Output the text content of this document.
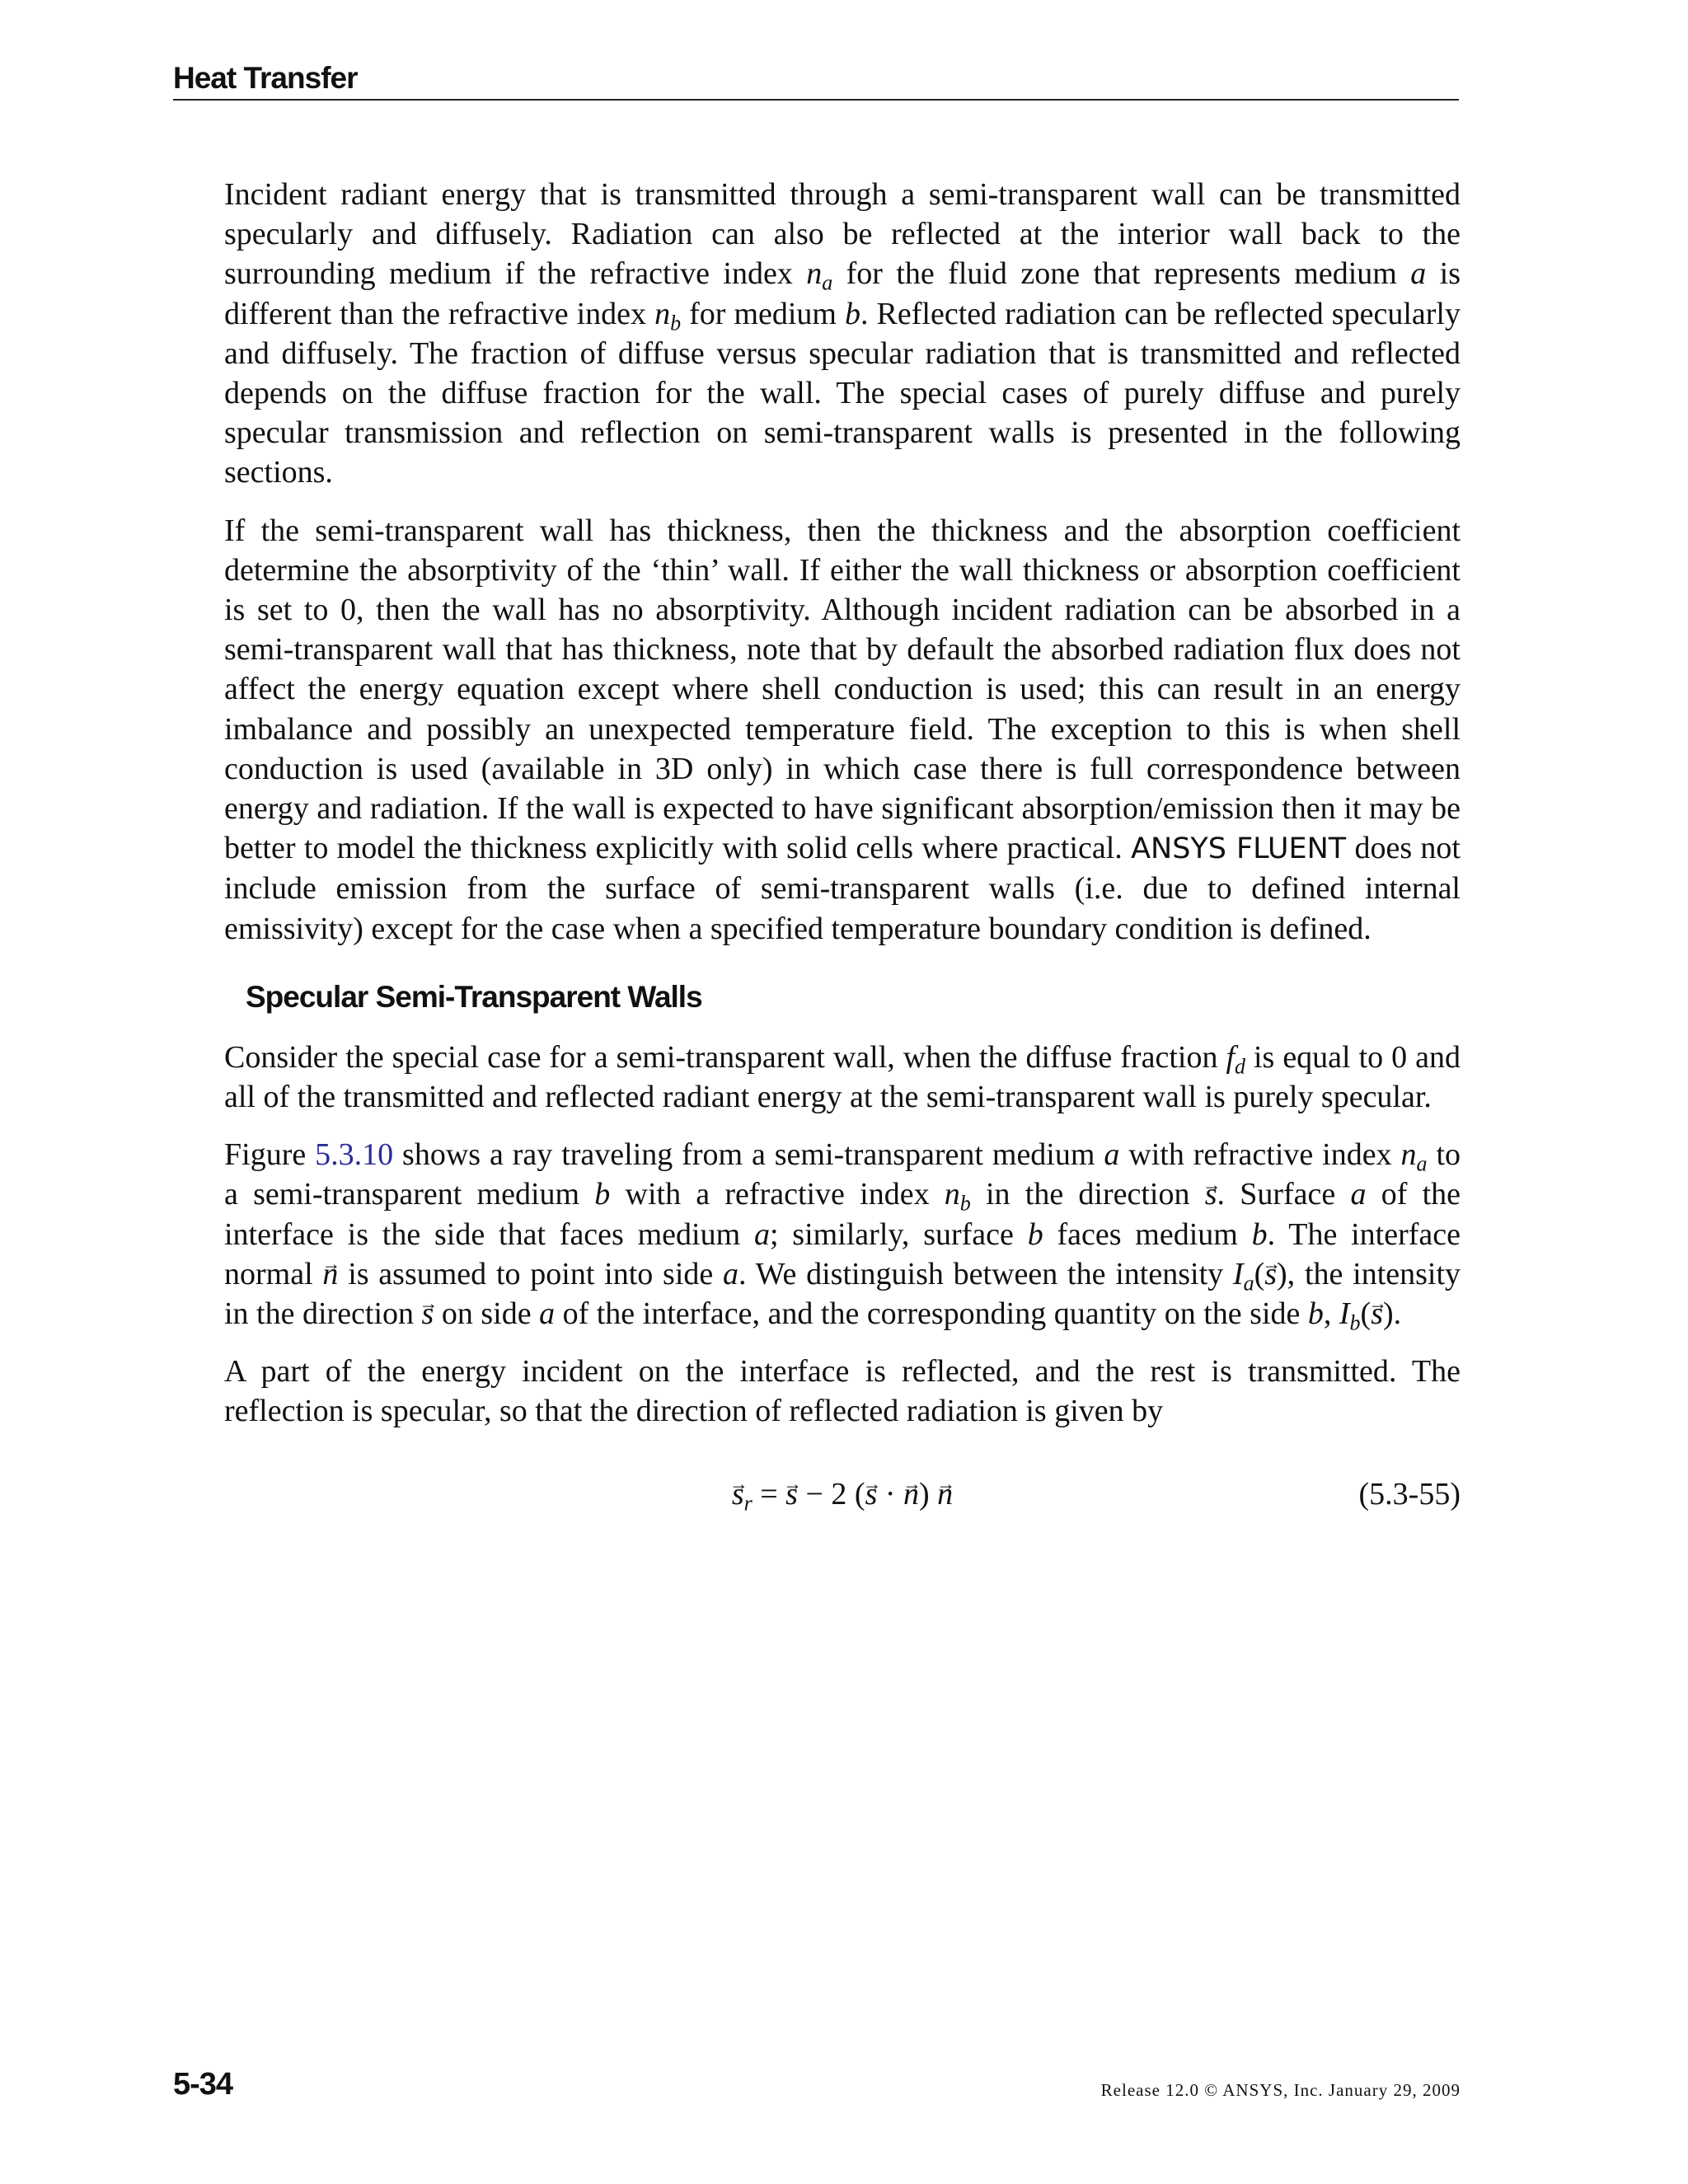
Heat Transfer

Incident radiant energy that is transmitted through a semi-transparent wall can be transmitted specularly and diffusely. Radiation can also be reflected at the interior wall back to the surrounding medium if the refractive index $n_a$ for the fluid zone that represents medium a is different than the refractive index $n_b$ for medium b. Reflected radiation can be reflected specularly and diffusely. The fraction of diffuse versus specular radiation that is transmitted and reflected depends on the diffuse fraction for the wall. The special cases of purely diffuse and purely specular transmission and reflection on semi-transparent walls is presented in the following sections.

If the semi-transparent wall has thickness, then the thickness and the absorption coefficient determine the absorptivity of the ‘thin’ wall. If either the wall thickness or absorption coefficient is set to 0, then the wall has no absorptivity. Although incident radiation can be absorbed in a semi-transparent wall that has thickness, note that by default the absorbed radiation flux does not affect the energy equation except where shell conduction is used; this can result in an energy imbalance and possibly an unexpected temperature field. The exception to this is when shell conduction is used (available in 3D only) in which case there is full correspondence between energy and radiation. If the wall is expected to have significant absorption/emission then it may be better to model the thickness explicitly with solid cells where practical. ANSYS FLUENT does not include emission from the surface of semi-transparent walls (i.e. due to defined internal emissivity) except for the case when a specified temperature boundary condition is defined.

Specular Semi-Transparent Walls

Consider the special case for a semi-transparent wall, when the diffuse fraction $f_d$ is equal to 0 and all of the transmitted and reflected radiant energy at the semi-transparent wall is purely specular.

Figure 5.3.10 shows a ray traveling from a semi-transparent medium a with refractive index $n_a$ to a semi-transparent medium b with a refractive index $n_b$ in the direction → s. Surface a of the interface is the side that faces medium a; similarly, surface b faces medium b. The interface normal → n is assumed to point into side a. We distinguish between the intensity $I_a(\to s)$, the intensity in the direction → s on side a of the interface, and the corresponding quantity on the side b, $I_b(\to s)$.

A part of the energy incident on the interface is reflected, and the rest is transmitted. The reflection is specular, so that the direction of reflected radiation is given by

→ $s_r$ = → s − 2 (→ s · → n) → n	(5.3-55)
5-34	Release 12.0 © ANSYS, Inc. January 29, 2009
